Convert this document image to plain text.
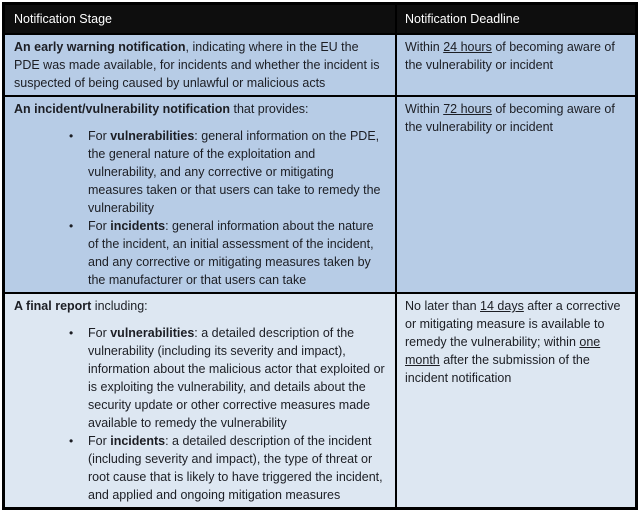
Notification Stage	Notification Deadline

An early warning notification, indicating where in the EU the PDE was made available, for incidents and whether the incident is suspected of being caused by unlawful or malicious acts

Within 24 hours of becoming aware of the vulnerability or incident

An incident/vulnerability notification that provides:

• For vulnerabilities: general information on the PDE, the general nature of the exploitation and vulnerability, and any corrective or mitigating measures taken or that users can take to remedy the vulnerability
• For incidents: general information about the nature of the incident, an initial assessment of the incident, and any corrective or mitigating measures taken by the manufacturer or that users can take

Within 72 hours of becoming aware of the vulnerability or incident

A final report including:

• For vulnerabilities: a detailed description of the vulnerability (including its severity and impact), information about the malicious actor that exploited or is exploiting the vulnerability, and details about the security update or other corrective measures made available to remedy the vulnerability
• For incidents: a detailed description of the incident (including severity and impact), the type of threat or root cause that is likely to have triggered the incident, and applied and ongoing mitigation measures

No later than 14 days after a corrective or mitigating measure is available to remedy the vulnerability; within one month after the submission of the incident notification
